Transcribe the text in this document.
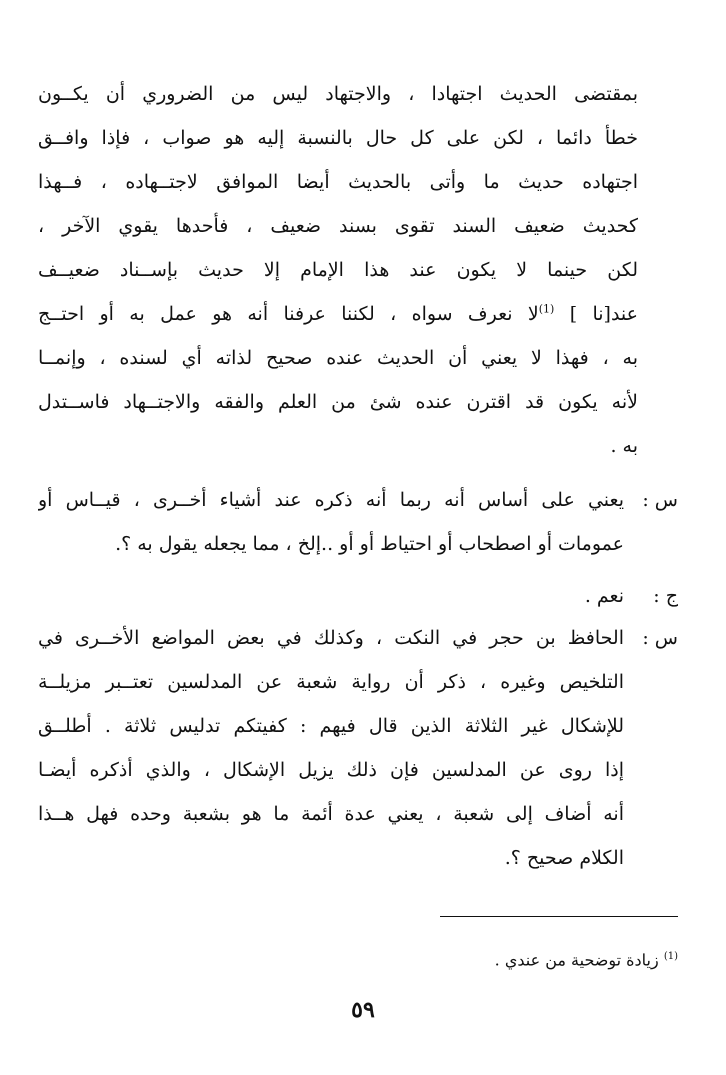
بمقتضى الحديث اجتهادا ، والاجتهاد ليس من الضروري أن يكــون
خطأ دائما ، لكن على كل حال بالنسبة إليه هو صواب ، فإذا وافــق
اجتهاده حديث ما وأتى بالحديث أيضا الموافق لاجتــهاده ، فــهذا
كحديث ضعيف السند تقوى بسند ضعيف ، فأحدها يقوي الآخر ،
لكن حينما لا يكون عند هذا الإمام إلا حديث بإســناد ضعيــف
عند[نا ] $^{(1)}$لا نعرف سواه ، لكننا عرفنا أنه هو عمل به أو احتــج
به ، فهذا لا يعني أن الحديث عنده صحيح لذاته أي لسنده ، وإنمــا
لأنه يكون قد اقترن عنده شئ من العلم والفقه والاجتــهاد فاســتدل
به .
س :
يعني على أساس أنه ربما أنه ذكره عند أشياء أخــرى ، قيــاس أو
عمومات أو اصطحاب أو احتياط أو أو ..إلخ ، مما يجعله يقول به ؟.
ج :
نعم .
س :
الحافظ بن حجر في النكت ، وكذلك في بعض المواضع الأخــرى في
التلخيص وغيره ، ذكر أن رواية شعبة عن المدلسين تعتــبر مزيلــة
للإشكال غير الثلاثة الذين قال فيهم : كفيتكم تدليس ثلاثة . أطلــق
إذا روى عن المدلسين فإن ذلك يزيل الإشكال ، والذي أذكره أيضـا
أنه أضاف إلى شعبة ، يعني عدة أئمة ما هو بشعبة وحده فهل هــذا
الكلام صحيح ؟.
$^{(1)}$ زيادة توضحية من عندي .
٥٩
